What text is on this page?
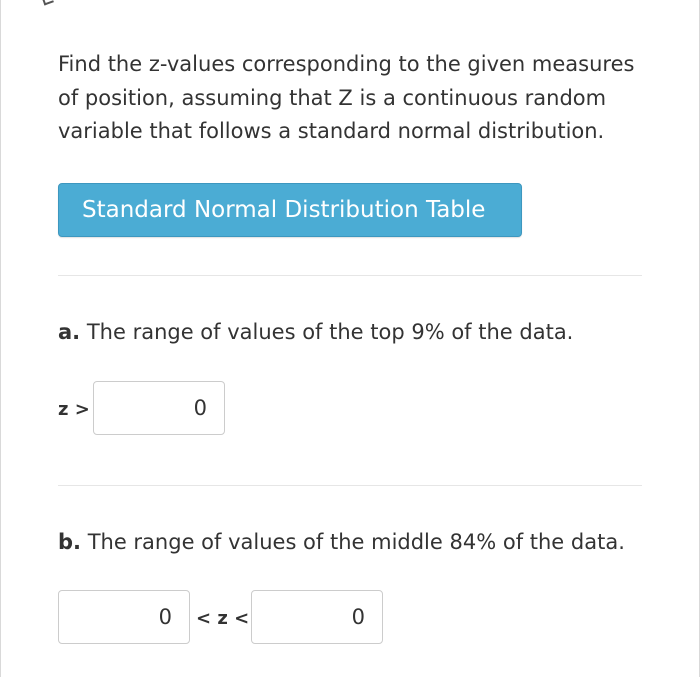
Find the z-values corresponding to the given measures of position, assuming that Z is a continuous random variable that follows a standard normal distribution.

Standard Normal Distribution Table

a. The range of values of the top 9% of the data.

z >
0

b. The range of values of the middle 84% of the data.

0
< z <
0
